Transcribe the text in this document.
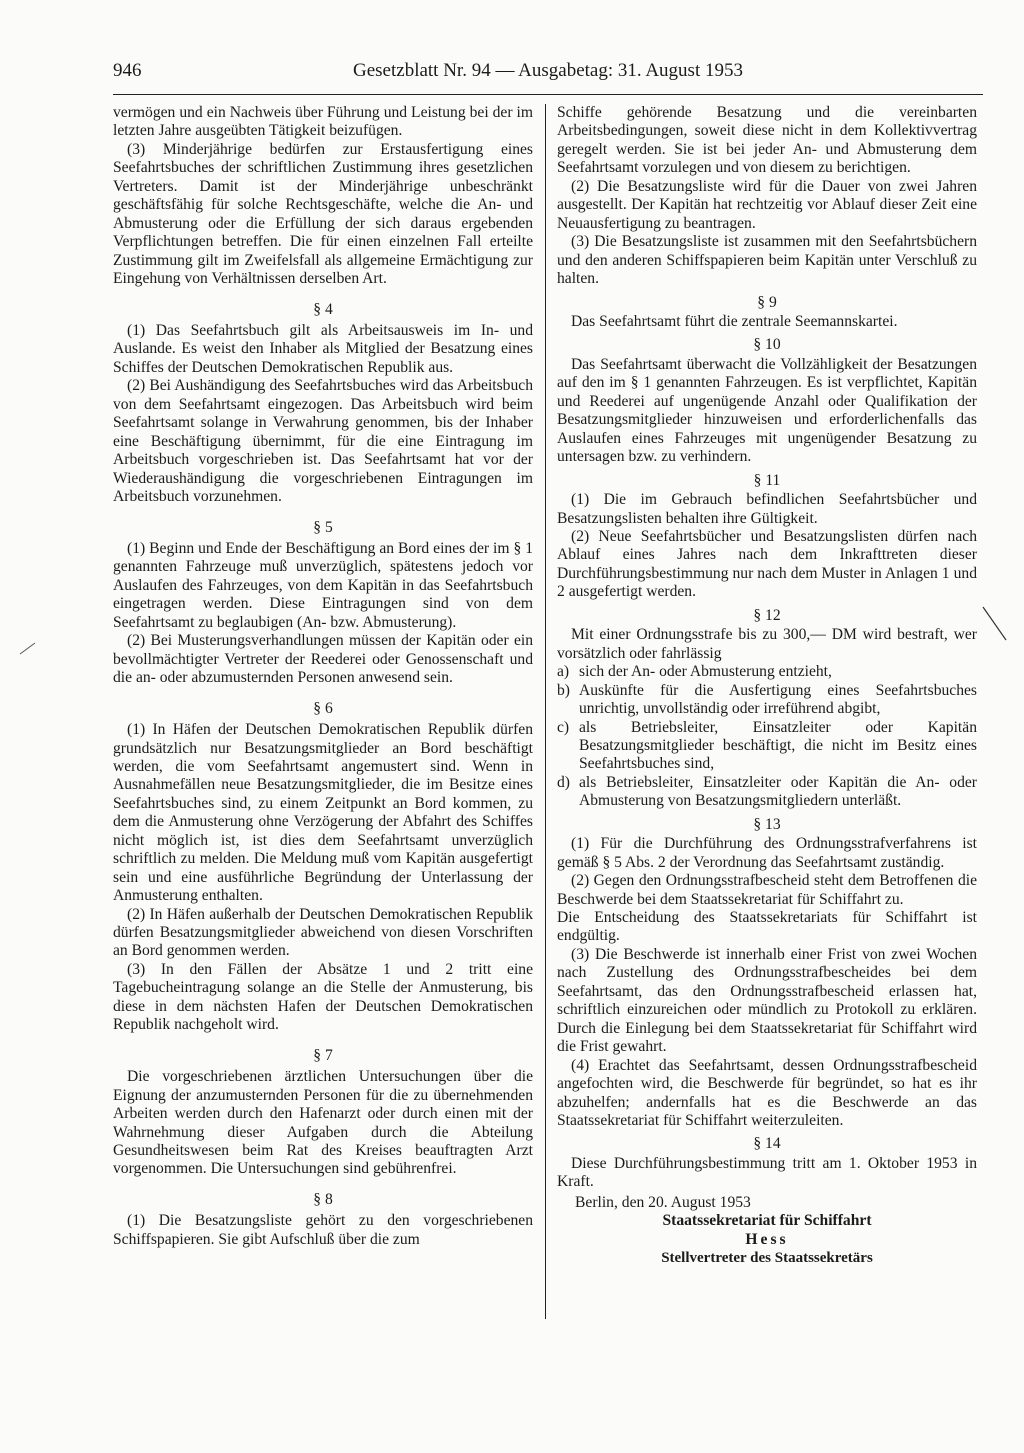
946	Gesetzblatt Nr. 94 — Ausgabetag: 31. August 1953

vermögen und ein Nachweis über Führung und Leistung bei der im letzten Jahre ausgeübten Tätigkeit beizufügen.

(3) Minderjährige bedürfen zur Erstausfertigung eines Seefahrtsbuches der schriftlichen Zustimmung ihres gesetzlichen Vertreters. Damit ist der Minderjährige unbeschränkt geschäftsfähig für solche Rechtsgeschäfte, welche die An- und Abmusterung oder die Erfüllung der sich daraus ergebenden Verpflichtungen betreffen. Die für einen einzelnen Fall erteilte Zustimmung gilt im Zweifelsfall als allgemeine Ermächtigung zur Eingehung von Verhältnissen derselben Art.

§ 4

(1) Das Seefahrtsbuch gilt als Arbeitsausweis im In- und Auslande. Es weist den Inhaber als Mitglied der Besatzung eines Schiffes der Deutschen Demokratischen Republik aus.

(2) Bei Aushändigung des Seefahrtsbuches wird das Arbeitsbuch von dem Seefahrtsamt eingezogen. Das Arbeitsbuch wird beim Seefahrtsamt solange in Verwahrung genommen, bis der Inhaber eine Beschäftigung übernimmt, für die eine Eintragung im Arbeitsbuch vorgeschrieben ist. Das Seefahrtsamt hat vor der Wiederaushändigung die vorgeschriebenen Eintragungen im Arbeitsbuch vorzunehmen.

§ 5

(1) Beginn und Ende der Beschäftigung an Bord eines der im § 1 genannten Fahrzeuge muß unverzüglich, spätestens jedoch vor Auslaufen des Fahrzeuges, von dem Kapitän in das Seefahrtsbuch eingetragen werden. Diese Eintragungen sind von dem Seefahrtsamt zu beglaubigen (An- bzw. Abmusterung).

(2) Bei Musterungsverhandlungen müssen der Kapitän oder ein bevollmächtigter Vertreter der Reederei oder Genossenschaft und die an- oder abzumusternden Personen anwesend sein.

§ 6

(1) In Häfen der Deutschen Demokratischen Republik dürfen grundsätzlich nur Besatzungsmitglieder an Bord beschäftigt werden, die vom Seefahrtsamt angemustert sind. Wenn in Ausnahmefällen neue Besatzungsmitglieder, die im Besitze eines Seefahrtsbuches sind, zu einem Zeitpunkt an Bord kommen, zu dem die Anmusterung ohne Verzögerung der Abfahrt des Schiffes nicht möglich ist, ist dies dem Seefahrtsamt unverzüglich schriftlich zu melden. Die Meldung muß vom Kapitän ausgefertigt sein und eine ausführliche Begründung der Unterlassung der Anmusterung enthalten.

(2) In Häfen außerhalb der Deutschen Demokratischen Republik dürfen Besatzungsmitglieder abweichend von diesen Vorschriften an Bord genommen werden.

(3) In den Fällen der Absätze 1 und 2 tritt eine Tagebucheintragung solange an die Stelle der Anmusterung, bis diese in dem nächsten Hafen der Deutschen Demokratischen Republik nachgeholt wird.

§ 7

Die vorgeschriebenen ärztlichen Untersuchungen über die Eignung der anzumusternden Personen für die zu übernehmenden Arbeiten werden durch den Hafenarzt oder durch einen mit der Wahrnehmung dieser Aufgaben durch die Abteilung Gesundheitswesen beim Rat des Kreises beauftragten Arzt vorgenommen. Die Untersuchungen sind gebührenfrei.

§ 8

(1) Die Besatzungsliste gehört zu den vorgeschriebenen Schiffspapieren. Sie gibt Aufschluß über die zum

Schiffe gehörende Besatzung und die vereinbarten Arbeitsbedingungen, soweit diese nicht in dem Kollektivvertrag geregelt werden. Sie ist bei jeder An- und Abmusterung dem Seefahrtsamt vorzulegen und von diesem zu berichtigen.

(2) Die Besatzungsliste wird für die Dauer von zwei Jahren ausgestellt. Der Kapitän hat rechtzeitig vor Ablauf dieser Zeit eine Neuausfertigung zu beantragen.

(3) Die Besatzungsliste ist zusammen mit den Seefahrtsbüchern und den anderen Schiffspapieren beim Kapitän unter Verschluß zu halten.

§ 9

Das Seefahrtsamt führt die zentrale Seemannskartei.

§ 10

Das Seefahrtsamt überwacht die Vollzähligkeit der Besatzungen auf den im § 1 genannten Fahrzeugen. Es ist verpflichtet, Kapitän und Reederei auf ungenügende Anzahl oder Qualifikation der Besatzungsmitglieder hinzuweisen und erforderlichenfalls das Auslaufen eines Fahrzeuges mit ungenügender Besatzung zu untersagen bzw. zu verhindern.

§ 11

(1) Die im Gebrauch befindlichen Seefahrtsbücher und Besatzungslisten behalten ihre Gültigkeit.

(2) Neue Seefahrtsbücher und Besatzungslisten dürfen nach Ablauf eines Jahres nach dem Inkrafttreten dieser Durchführungsbestimmung nur nach dem Muster in Anlagen 1 und 2 ausgefertigt werden.

§ 12

Mit einer Ordnungsstrafe bis zu 300,— DM wird bestraft, wer vorsätzlich oder fahrlässig

a) sich der An- oder Abmusterung entzieht,
b) Auskünfte für die Ausfertigung eines Seefahrtsbuches unrichtig, unvollständig oder irreführend abgibt,
c) als Betriebsleiter, Einsatzleiter oder Kapitän Besatzungsmitglieder beschäftigt, die nicht im Besitz eines Seefahrtsbuches sind,
d) als Betriebsleiter, Einsatzleiter oder Kapitän die An- oder Abmusterung von Besatzungsmitgliedern unterläßt.
§ 13

(1) Für die Durchführung des Ordnungsstrafverfahrens ist gemäß § 5 Abs. 2 der Verordnung das Seefahrtsamt zuständig.

(2) Gegen den Ordnungsstrafbescheid steht dem Betroffenen die Beschwerde bei dem Staatssekretariat für Schiffahrt zu.

Die Entscheidung des Staatssekretariats für Schiffahrt ist endgültig.

(3) Die Beschwerde ist innerhalb einer Frist von zwei Wochen nach Zustellung des Ordnungsstrafbescheides bei dem Seefahrtsamt, das den Ordnungsstrafbescheid erlassen hat, schriftlich einzureichen oder mündlich zu Protokoll zu erklären. Durch die Einlegung bei dem Staatssekretariat für Schiffahrt wird die Frist gewahrt.

(4) Erachtet das Seefahrtsamt, dessen Ordnungsstrafbescheid angefochten wird, die Beschwerde für begründet, so hat es ihr abzuhelfen; andernfalls hat es die Beschwerde an das Staatssekretariat für Schiffahrt weiterzuleiten.

§ 14

Diese Durchführungsbestimmung tritt am 1. Oktober 1953 in Kraft.

Berlin, den 20. August 1953

Staatssekretariat für Schiffahrt

Hess

Stellvertreter des Staatssekretärs
